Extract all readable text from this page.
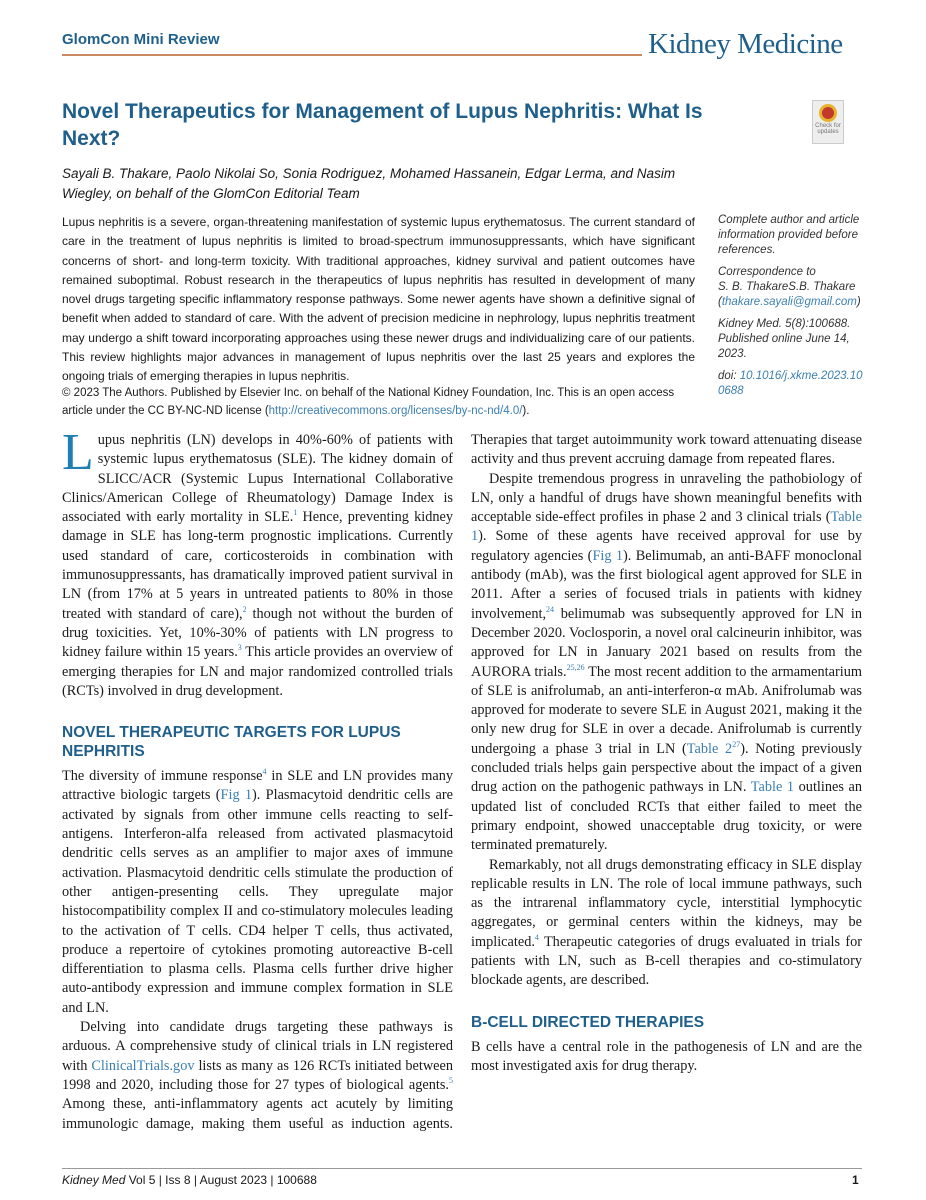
GlomCon Mini Review	Kidney Medicine
Novel Therapeutics for Management of Lupus Nephritis: What Is Next?
Check for updates
Sayali B. Thakare, Paolo Nikolai So, Sonia Rodriguez, Mohamed Hassanein, Edgar Lerma, and Nasim Wiegley, on behalf of the GlomCon Editorial Team
Lupus nephritis is a severe, organ-threatening manifestation of systemic lupus erythematosus. The current standard of care in the treatment of lupus nephritis is limited to broad-spectrum immunosuppressants, which have significant concerns of short- and long-term toxicity. With traditional approaches, kidney survival and patient outcomes have remained suboptimal. Robust research in the therapeutics of lupus nephritis has resulted in development of many novel drugs targeting specific inflammatory response pathways. Some newer agents have shown a definitive signal of benefit when added to standard of care. With the advent of precision medicine in nephrology, lupus nephritis treatment may undergo a shift toward incorporating approaches using these newer drugs and individualizing care of our patients. This review highlights major advances in management of lupus nephritis over the last 25 years and explores the ongoing trials of emerging therapies in lupus nephritis.

Complete author and article information provided before references.

Correspondence to
S. B. ThakareS.B. Thakare
(thakare.sayali@gmail.com)

Kidney Med. 5(8):100688. Published online June 14, 2023.

doi: 10.1016/j.xkme.2023.100688

© 2023 The Authors. Published by Elsevier Inc. on behalf of the National Kidney Foundation, Inc. This is an open access article under the CC BY-NC-ND license (http://creativecommons.org/licenses/by-nc-nd/4.0/).

Lupus nephritis (LN) develops in 40%-60% of patients with systemic lupus erythematosus (SLE). The kidney domain of SLICC/ACR (Systemic Lupus International Collaborative Clinics/American College of Rheumatology) Damage Index is associated with early mortality in SLE.$^1$ Hence, preventing kidney damage in SLE has long-term prognostic implications. Currently used standard of care, corticosteroids in combination with immunosuppressants, has dramatically improved patient survival in LN (from 17% at 5 years in untreated patients to 80% in those treated with standard of care),$^2$ though not without the burden of drug toxicities. Yet, 10%-30% of patients with LN progress to kidney failure within 15 years.$^3$ This article provides an overview of emerging therapies for LN and major randomized controlled trials (RCTs) involved in drug development.

NOVEL THERAPEUTIC TARGETS FOR LUPUS NEPHRITIS

The diversity of immune response$^4$ in SLE and LN provides many attractive biologic targets (Fig 1). Plasmacytoid dendritic cells are activated by signals from other immune cells reacting to self-antigens. Interferon-alfa released from activated plasmacytoid dendritic cells serves as an amplifier to major axes of immune activation. Plasmacytoid dendritic cells stimulate the production of other antigen-presenting cells. They upregulate major histocompatibility complex II and co-stimulatory molecules leading to the activation of T cells. CD4 helper T cells, thus activated, produce a repertoire of cytokines promoting autoreactive B-cell differentiation to plasma cells. Plasma cells further drive higher auto-antibody expression and immune complex formation in SLE and LN.

Delving into candidate drugs targeting these pathways is arduous. A comprehensive study of clinical trials in LN registered with ClinicalTrials.gov lists as many as 126 RCTs initiated between 1998 and 2020, including those for 27 types of biological agents.$^5$ Among these, anti-inflammatory agents act acutely by limiting immunologic damage, making them useful as induction agents. Therapies that target autoimmunity work toward attenuating disease activity and thus prevent accruing damage from repeated flares.

Despite tremendous progress in unraveling the pathobiology of LN, only a handful of drugs have shown meaningful benefits with acceptable side-effect profiles in phase 2 and 3 clinical trials (Table 1). Some of these agents have received approval for use by regulatory agencies (Fig 1). Belimumab, an anti-BAFF monoclonal antibody (mAb), was the first biological agent approved for SLE in 2011. After a series of focused trials in patients with kidney involvement,$^{24}$ belimumab was subsequently approved for LN in December 2020. Voclosporin, a novel oral calcineurin inhibitor, was approved for LN in January 2021 based on results from the AURORA trials.$^{25,26}$ The most recent addition to the armamentarium of SLE is anifrolumab, an anti-interferon-α mAb. Anifrolumab was approved for moderate to severe SLE in August 2021, making it the only new drug for SLE in over a decade. Anifrolumab is currently undergoing a phase 3 trial in LN (Table $2^{27}$). Noting previously concluded trials helps gain perspective about the impact of a given drug action on the pathogenic pathways in LN. Table 1 outlines an updated list of concluded RCTs that either failed to meet the primary endpoint, showed unacceptable drug toxicity, or were terminated prematurely.

Remarkably, not all drugs demonstrating efficacy in SLE display replicable results in LN. The role of local immune pathways, such as the intrarenal inflammatory cycle, interstitial lymphocytic aggregates, or germinal centers within the kidneys, may be implicated.$^4$ Therapeutic categories of drugs evaluated in trials for patients with LN, such as B-cell therapies and co-stimulatory blockade agents, are described.

B-CELL DIRECTED THERAPIES

B cells have a central role in the pathogenesis of LN and are the most investigated axis for drug therapy.

Kidney Med Vol 5 | Iss 8 | August 2023 | 100688	1
